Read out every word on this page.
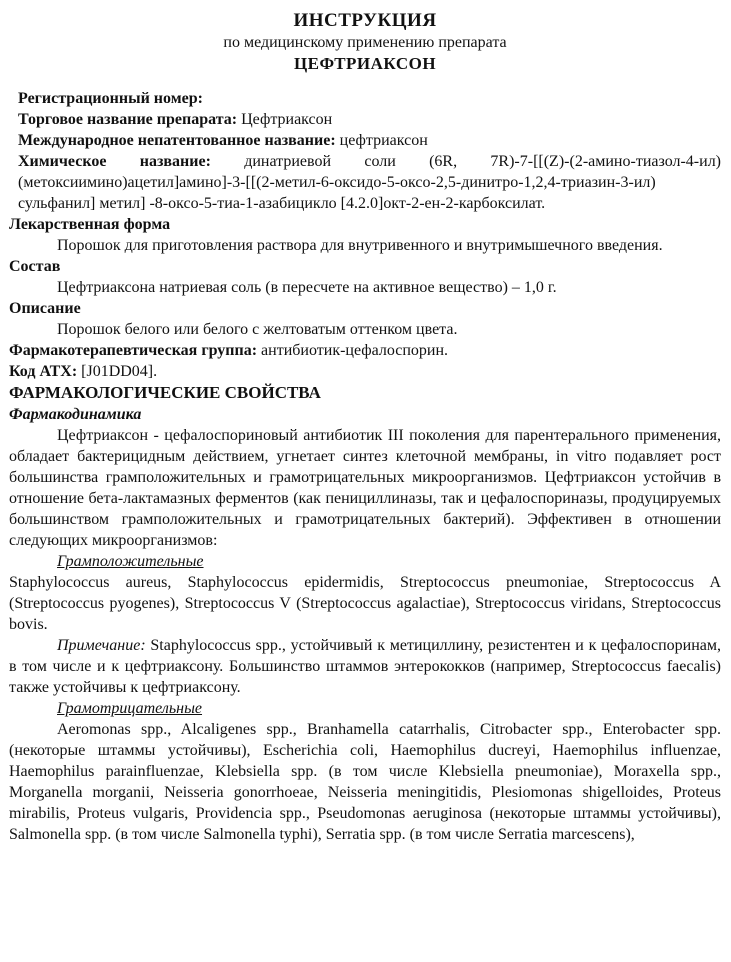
ИНСТРУКЦИЯ
по медицинскому применению препарата
ЦЕФТРИАКСОН

Регистрационный номер:

Торговое название препарата: Цефтриаксон

Международное непатентованное название: цефтриаксон

Химическое название: динатриевой соли (6R, 7R)-7-[[(Z)-(2-амино-тиазол-4-ил)(метоксиимино)ацетил]амино]-3-[[(2-метил-6-оксидо-5-оксо-2,5-динитро-1,2,4-триазин-3-ил) сульфанил] метил] -8-оксо-5-тиа-1-азабицикло [4.2.0]окт-2-ен-2-карбоксилат.

Лекарственная форма

Порошок для приготовления раствора для внутривенного и внутримышечного введения.

Состав

Цефтриаксона натриевая соль (в пересчете на активное вещество) – 1,0 г.

Описание

Порошок белого или белого с желтоватым оттенком цвета.

Фармакотерапевтическая группа: антибиотик-цефалоспорин.

Код АТХ: [J01DD04].

ФАРМАКОЛОГИЧЕСКИЕ СВОЙСТВА

Фармакодинамика

Цефтриаксон - цефалоспориновый антибиотик III поколения для парентерального применения, обладает бактерицидным действием, угнетает синтез клеточной мембраны, in vitro подавляет рост большинства грамположительных и грамотрицательных микроорганизмов. Цефтриаксон устойчив в отношение бета-лактамазных ферментов (как пенициллиназы, так и цефалоспориназы, продуцируемых большинством грамположительных и грамотрицательных бактерий). Эффективен в отношении следующих микроорганизмов:

Грамположительные

Staphylococcus aureus, Staphylococcus epidermidis, Streptococcus pneumoniae, Streptococcus A (Streptococcus pyogenes), Streptococcus V (Streptococcus agalactiae), Streptococcus viridans, Streptococcus bovis.

Примечание: Staphylococcus spp., устойчивый к метициллину, резистентен и к цефалоспоринам, в том числе и к цефтриаксону. Большинство штаммов энтерококков (например, Streptococcus faecalis) также устойчивы к цефтриаксону.

Грамотрицательные

Aeromonas spp., Alcaligenes spp., Branhamella catarrhalis, Citrobacter spp., Enterobacter spp. (некоторые штаммы устойчивы), Escherichia coli, Haemophilus ducreyi, Haemophilus influenzae, Haemophilus parainfluenzae, Klebsiella spp. (в том числе Klebsiella pneumoniae), Moraxella spp., Morganella morganii, Neisseria gonorrhoeae, Neisseria meningitidis, Plesiomonas shigelloides, Proteus mirabilis, Proteus vulgaris, Providencia spp., Pseudomonas aeruginosa (некоторые штаммы устойчивы), Salmonella spp. (в том числе Salmonella typhi), Serratia spp. (в том числе Serratia marcescens),
